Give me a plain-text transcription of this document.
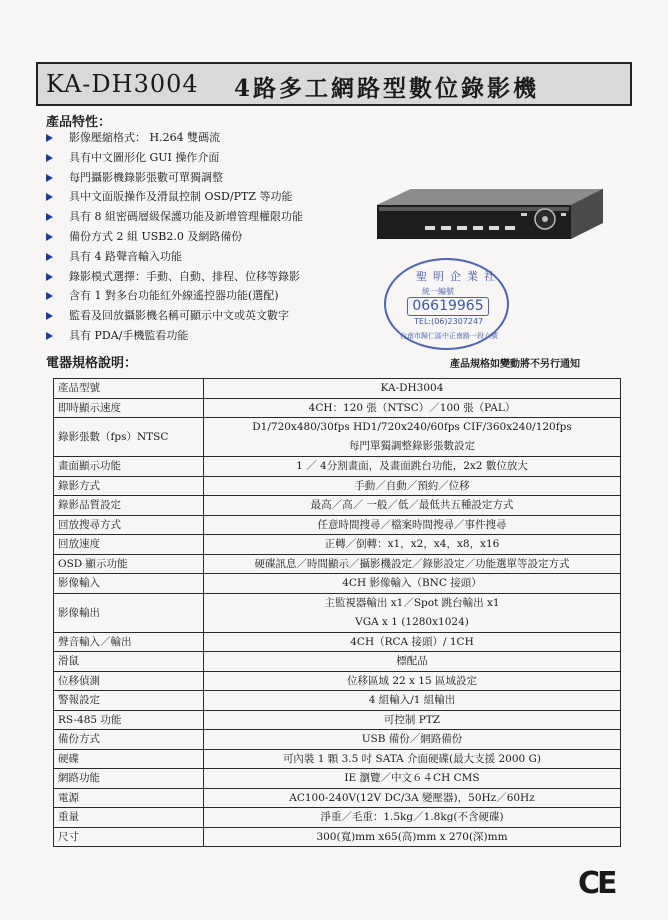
KA-DH3004 4路多工網路型數位錄影機
產品特性：
影像壓縮格式： H.264 雙碼流
具有中文圖形化 GUI 操作介面
每門攝影機錄影張數可單獨調整
具中文面版操作及滑鼠控制 OSD/PTZ 等功能
具有 8 組密碼層級保護功能及新增管理權限功能
備份方式 2 組 USB2.0 及網路備份
具有 4 路聲音輸入功能
錄影模式選擇：手動、自動、排程、位移等錄影
含有 1 對多台功能紅外線遙控器功能(選配)
監看及回放攝影機名稱可顯示中文或英文數字
具有 PDA/手機監看功能
聖明企業社
統一編號
06619965
TEL:(06)2307247
台南市歸仁區中正南路一段六號
電器規格說明：	產品規格如變動將不另行通知
產品型號	KA-DH3004

即時顯示速度	4CH：120 張（NTSC）／100 張（PAL）

錄影張數（fps）NTSC	D1/720x480/30fps HD1/720x240/60fps CIF/360x240/120fps
每門單獨調整錄影張數設定

畫面顯示功能	1 ／ 4分割畫面，及畫面跳台功能，2x2 數位放大

錄影方式	手動／自動／預約／位移

錄影品質設定	最高／高／ 一般／低／最低共五種設定方式

回放搜尋方式	任意時間搜尋／檔案時間搜尋／事件搜尋

回放速度	正轉／倒轉：x1，x2，x4，x8，x16

OSD 顯示功能	硬碟訊息／時間顯示／攝影機設定／錄影設定／功能選單等設定方式

影像輸入	4CH 影像輸入（BNC 接頭）

影像輸出	主監視器輸出 x1／Spot 跳台輸出 x1
VGA x 1 (1280x1024)

聲音輸入／輸出	4CH（RCA 接頭）/ 1CH

滑鼠	標配品

位移偵測	位移區域 22 x 15 區域設定

警報設定	4 組輸入/1 組輸出

RS-485 功能	可控制 PTZ

備份方式	USB 備份／網路備份

硬碟	可內裝 1 顆 3.5 吋 SATA 介面硬碟(最大支援 2000 G)

網路功能	IE 瀏覽／中文６４CH CMS

電源	AC100-240V(12V DC/3A 變壓器)，50Hz／60Hz

重量	淨重／毛重：1.5kg／1.8kg(不含硬碟)

尺寸	300(寬)mm x65(高)mm x 270(深)mm
CE
